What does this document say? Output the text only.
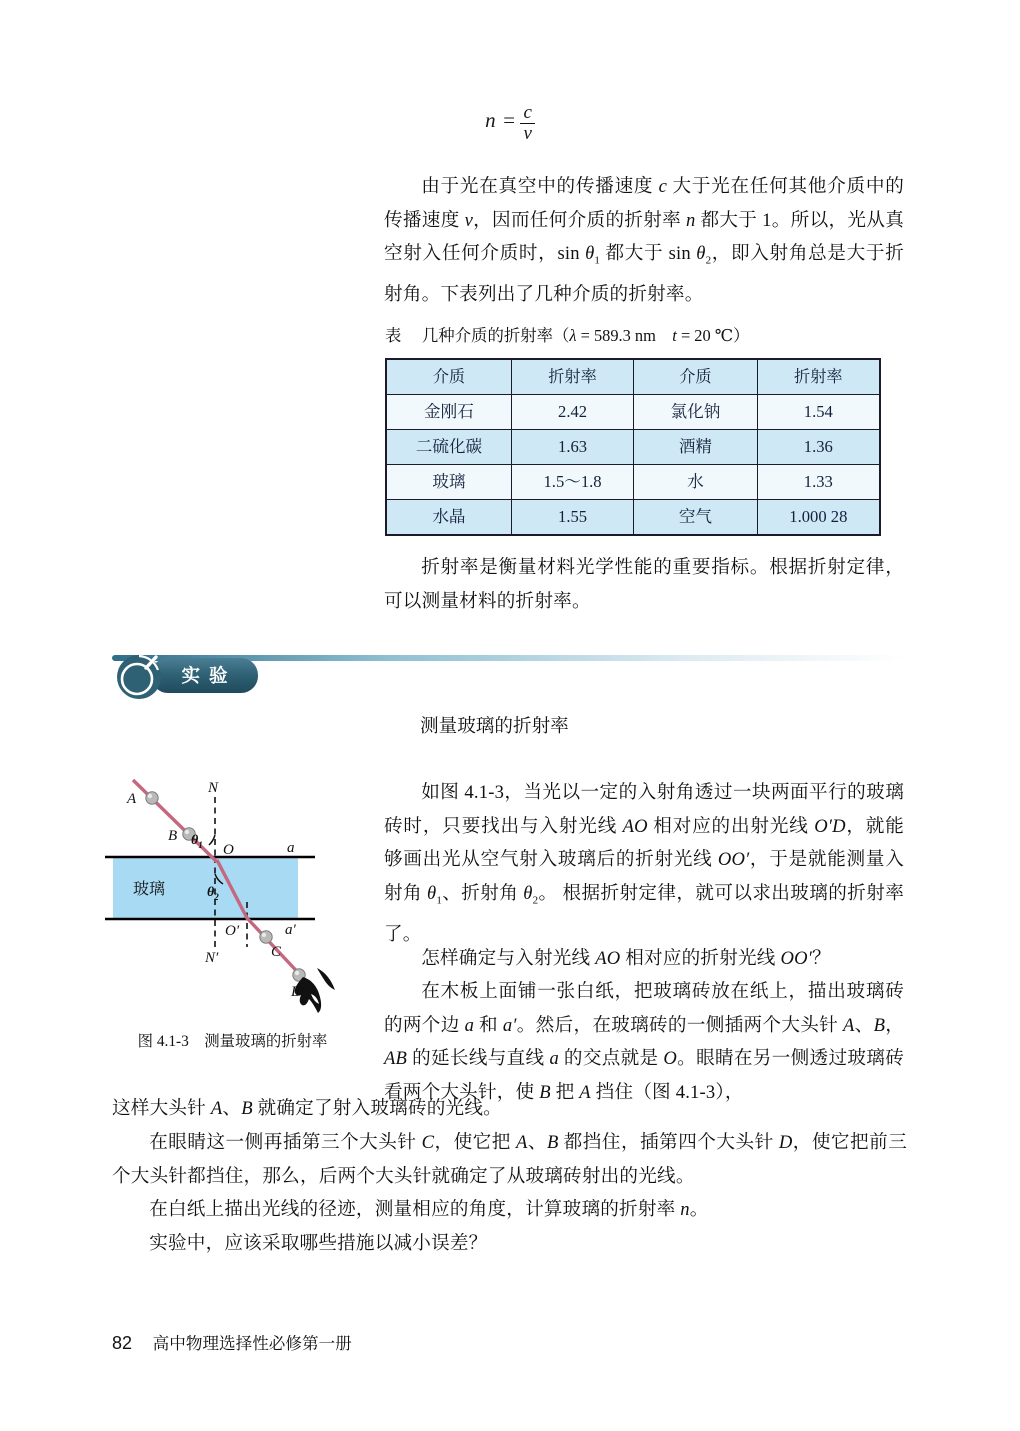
$n = \frac{c}{v}$
由于光在真空中的传播速度 c 大于光在任何其他介质中的传播速度 v，因而任何介质的折射率 n 都大于 1。所以，光从真空射入任何介质时，$\sin \theta_1$ 都大于 $\sin \theta_2$，即入射角总是大于折射角。下表列出了几种介质的折射率。
表 几种介质的折射率（λ = 589.3 nm    t = 20 ℃）
介质	折射率	介质	折射率
金刚石	2.42	氯化钠	1.54
二硫化碳	1.63	酒精	1.36
玻璃	1.5～1.8	水	1.33
水晶	1.55	空气	1.000 28
折射率是衡量材料光学性能的重要指标。根据折射定律，可以测量材料的折射率。
实验
测量玻璃的折射率
A
B
C
D
N
N′
O
O′
a
a′
θ1
θ2
玻璃
图 4.1-3　测量玻璃的折射率
如图 4.1-3，当光以一定的入射角透过一块两面平行的玻璃砖时，只要找出与入射光线 AO 相对应的出射光线 O′D，就能够画出光从空气射入玻璃后的折射光线 OO′，于是就能测量入射角 $\theta_1$、折射角 $\theta_2$。 根据折射定律，就可以求出玻璃的折射率了。
怎样确定与入射光线 AO 相对应的折射光线 OO′？
在木板上面铺一张白纸，把玻璃砖放在纸上，描出玻璃砖的两个边 a 和 a′。然后，在玻璃砖的一侧插两个大头针 A、B，AB 的延长线与直线 a 的交点就是 O。眼睛在另一侧透过玻璃砖看两个大头针，使 B 把 A 挡住（图 4.1-3），
这样大头针 A、B 就确定了射入玻璃砖的光线。
在眼睛这一侧再插第三个大头针 C，使它把 A、B 都挡住，插第四个大头针 D，使它把前三个大头针都挡住，那么，后两个大头针就确定了从玻璃砖射出的光线。
在白纸上描出光线的径迹，测量相应的角度，计算玻璃的折射率 n。
实验中，应该采取哪些措施以减小误差？
82 高中物理选择性必修第一册
